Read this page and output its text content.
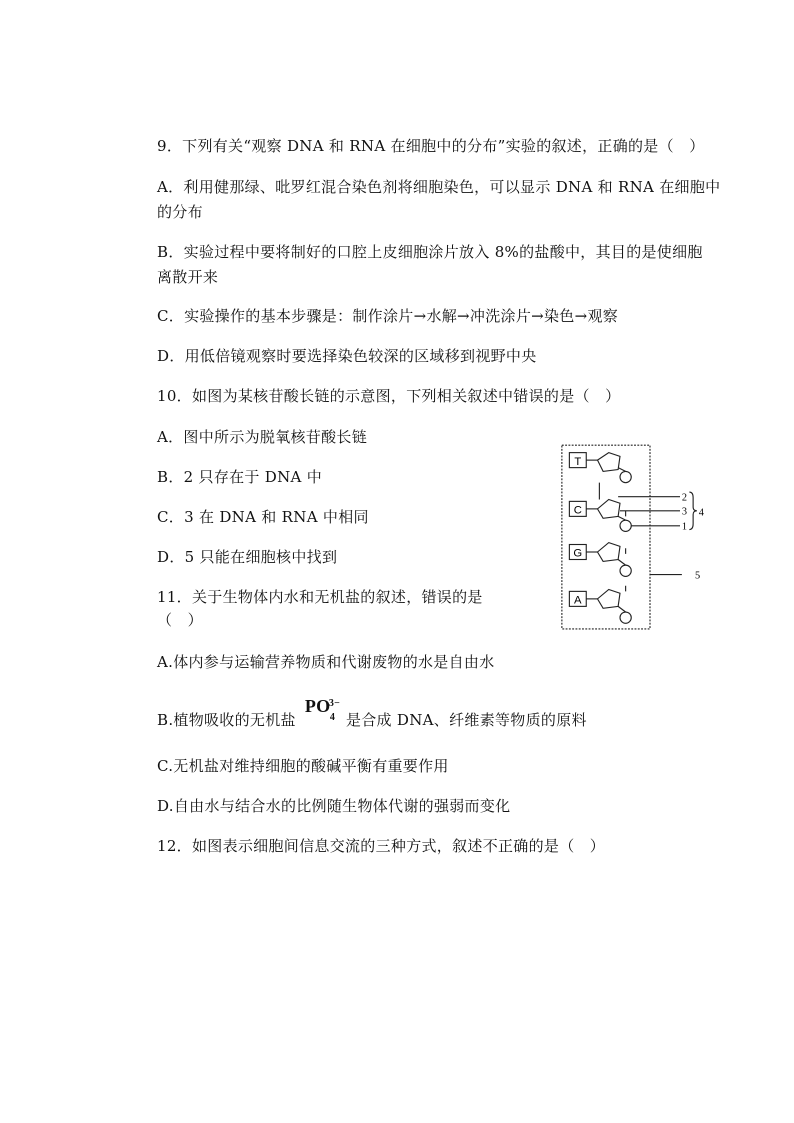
9．下列有关“观察 DNA 和 RNA 在细胞中的分布”实验的叙述，正确的是（　）
A．利用健那绿、吡罗红混合染色剂将细胞染色，可以显示 DNA 和 RNA 在细胞中
的分布
B．实验过程中要将制好的口腔上皮细胞涂片放入 8%的盐酸中，其目的是使细胞
离散开来
C．实验操作的基本步骤是：制作涂片→水解→冲洗涂片→染色→观察
D．用低倍镜观察时要选择染色较深的区域移到视野中央
10．如图为某核苷酸长链的示意图，下列相关叙述中错误的是（　）
A．图中所示为脱氧核苷酸长链
B．2 只存在于 DNA 中
C．3 在 DNA 和 RNA 中相同
D．5 只能在细胞核中找到
T
C
G
A
2
3
1
4
5
11．关于生物体内水和无机盐的叙述，错误的是
（　）
A.体内参与运输营养物质和代谢废物的水是自由水
B.植物吸收的无机盐
PO
3−
4 是合成 DNA、纤维素等物质的原料
C.无机盐对维持细胞的酸碱平衡有重要作用
D.自由水与结合水的比例随生物体代谢的强弱而变化
12．如图表示细胞间信息交流的三种方式，叙述不正确的是（　）
